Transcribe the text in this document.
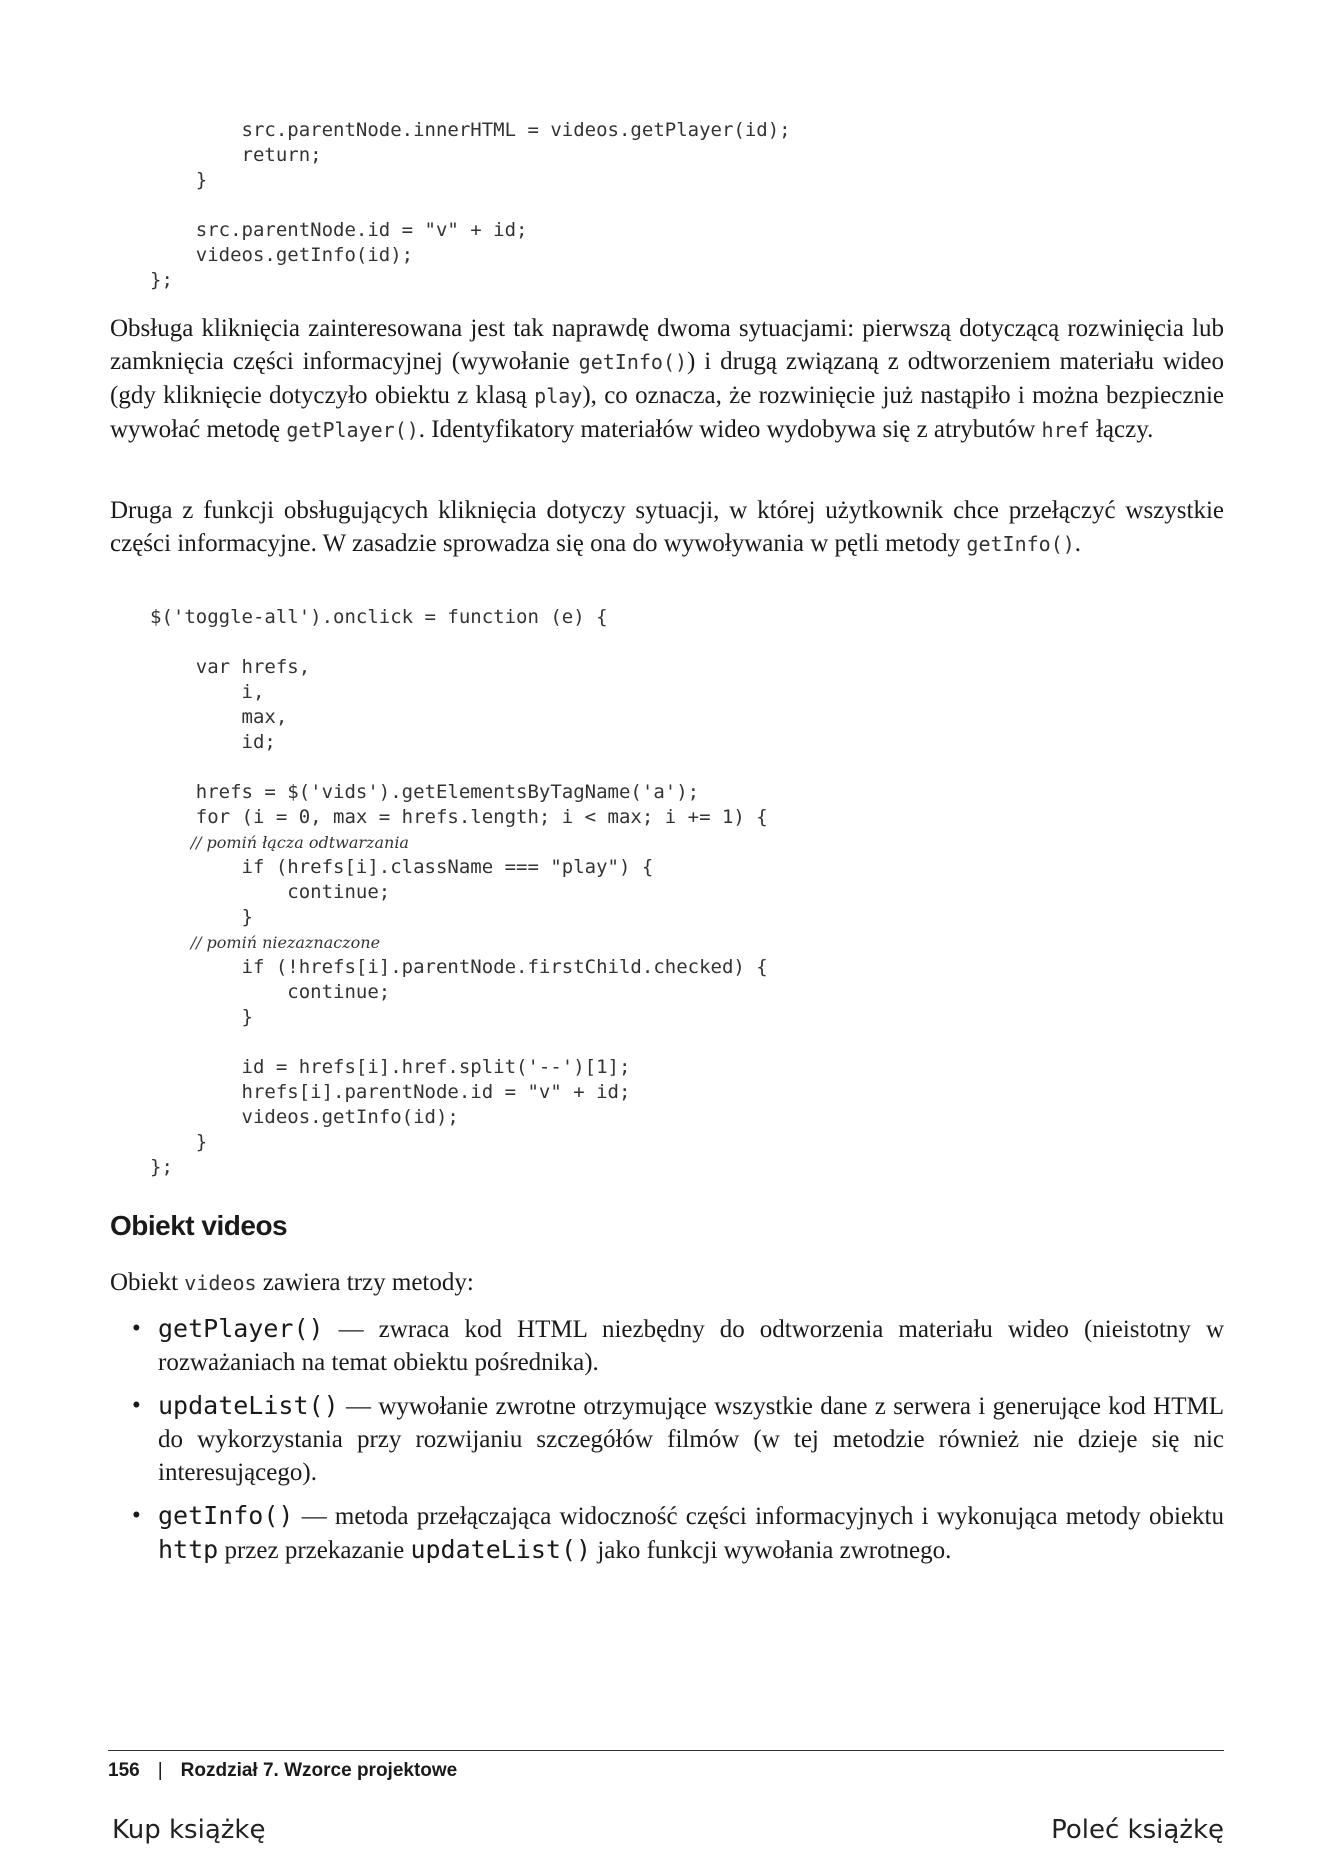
src.parentNode.innerHTML = videos.getPlayer(id);
return;
}

src.parentNode.id = "v" + id;
videos.getInfo(id);
};

Obsługa kliknięcia zainteresowana jest tak naprawdę dwoma sytuacjami: pierwszą dotyczącą rozwinięcia lub zamknięcia części informacyjnej (wywołanie getInfo()) i drugą związaną z odtworzeniem materiału wideo (gdy kliknięcie dotyczyło obiektu z klasą play), co oznacza, że rozwinięcie już nastąpiło i można bezpiecznie wywołać metodę getPlayer(). Identyfikatory materiałów wideo wydobywa się z atrybutów href łączy.

Druga z funkcji obsługujących kliknięcia dotyczy sytuacji, w której użytkownik chce przełączyć wszystkie części informacyjne. W zasadzie sprowadza się ona do wywoływania w pętli metody getInfo().

$('toggle-all').onclick = function (e) {

var hrefs,
i,
max,
id;

hrefs = $('vids').getElementsByTagName('a');
for (i = 0, max = hrefs.length; i < max; i += 1) {
// pomiń łącza odtwarzania
if (hrefs[i].className === "play") {
continue;
}
// pomiń niezaznaczone
if (!hrefs[i].parentNode.firstChild.checked) {
continue;
}

id = hrefs[i].href.split('--')[1];
hrefs[i].parentNode.id = "v" + id;
videos.getInfo(id);
}
};
Obiekt videos

Obiekt videos zawiera trzy metody:

• getPlayer() — zwraca kod HTML niezbędny do odtworzenia materiału wideo (nieistotny w rozważaniach na temat obiektu pośrednika).
• updateList() — wywołanie zwrotne otrzymujące wszystkie dane z serwera i generujące kod HTML do wykorzystania przy rozwijaniu szczegółów filmów (w tej metodzie również nie dzieje się nic interesującego).
• getInfo() — metoda przełączająca widoczność części informacyjnych i wykonująca metody obiektu http przez przekazanie updateList() jako funkcji wywołania zwrotnego.
156 | Rozdział 7. Wzorce projektowe
Kup książkę	Poleć książkę
